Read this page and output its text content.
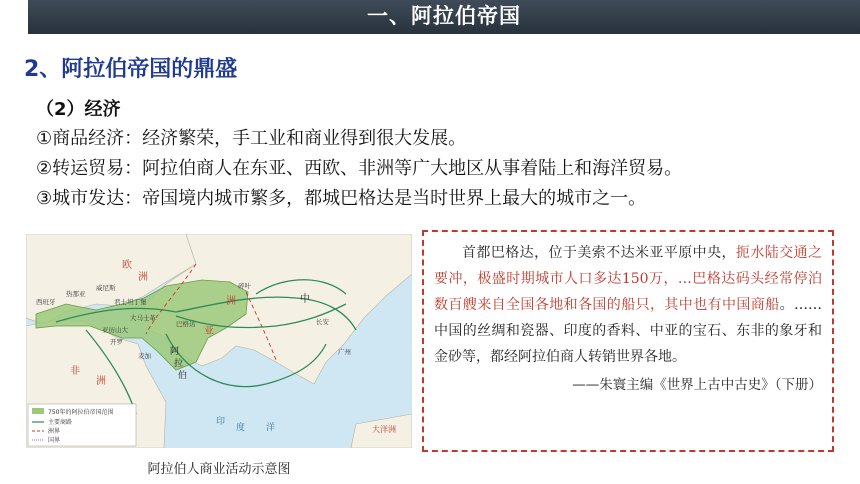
一、阿拉伯帝国
2、阿拉伯帝国的鼎盛
（2）经济
①商品经济：经济繁荣，手工业和商业得到很大发展。
②转运贸易：阿拉伯商人在东亚、西欧、非洲等广大地区从事着陆上和海洋贸易。
③城市发达：帝国境内城市繁多，都城巴格达是当时世界上最大的城市之一。
欧
洲
非
洲
亚
洲
阿
拉
伯
中
印
度 洋	大洋洲
威尼斯
热那亚
君士坦丁堡
亚历山大
开罗
巴格达
碎叶
长安
广州
大马士革
麦加
西班牙
750年的阿拉伯帝国范围
主要商路
洲界
国界
阿拉伯人商业活动示意图
首都巴格达，位于美索不达米亚平原中央，扼水陆交通之要冲，极盛时期城市人口多达150万，…巴格达码头经常停泊数百艘来自全国各地和各国的船只，其中也有中国商船。……中国的丝绸和瓷器、印度的香料、中亚的宝石、东非的象牙和金砂等，都经阿拉伯商人转销世界各地。
——朱寰主编《世界上古中古史》（下册）
